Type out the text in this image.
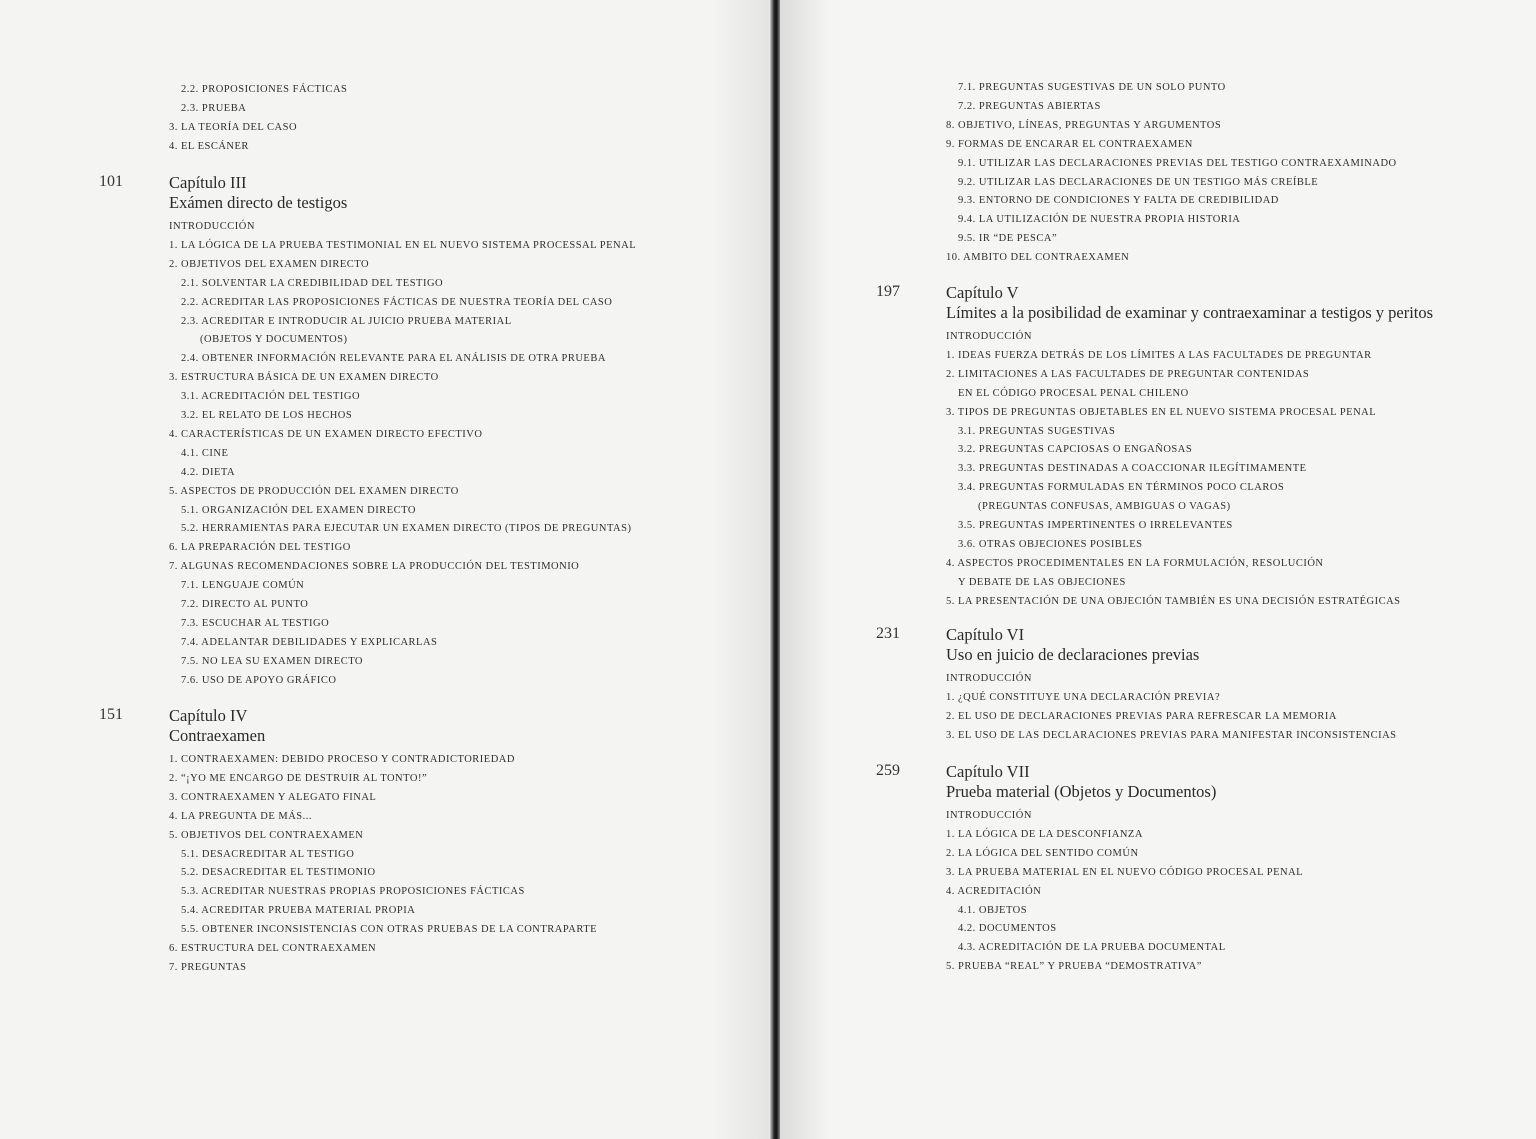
2.2. PROPOSICIONES FÁCTICAS
2.3. PRUEBA
3. LA TEORÍA DEL CASO
4. EL ESCÁNER
101	Capítulo III
Exámen directo de testigos
INTRODUCCIÓN
1. LA LÓGICA DE LA PRUEBA TESTIMONIAL EN EL NUEVO SISTEMA PROCESSAL PENAL
2. OBJETIVOS DEL EXAMEN DIRECTO
2.1. SOLVENTAR LA CREDIBILIDAD DEL TESTIGO
2.2. ACREDITAR LAS PROPOSICIONES FÁCTICAS DE NUESTRA TEORÍA DEL CASO
2.3. ACREDITAR E INTRODUCIR AL JUICIO PRUEBA MATERIAL
(OBJETOS Y DOCUMENTOS)
2.4. OBTENER INFORMACIÓN RELEVANTE PARA EL ANÁLISIS DE OTRA PRUEBA
3. ESTRUCTURA BÁSICA DE UN EXAMEN DIRECTO
3.1. ACREDITACIÓN DEL TESTIGO
3.2. EL RELATO DE LOS HECHOS
4. CARACTERÍSTICAS DE UN EXAMEN DIRECTO EFECTIVO
4.1. CINE
4.2. DIETA
5. ASPECTOS DE PRODUCCIÓN DEL EXAMEN DIRECTO
5.1. ORGANIZACIÓN DEL EXAMEN DIRECTO
5.2. HERRAMIENTAS PARA EJECUTAR UN EXAMEN DIRECTO (TIPOS DE PREGUNTAS)
6. LA PREPARACIÓN DEL TESTIGO
7. ALGUNAS RECOMENDACIONES SOBRE LA PRODUCCIÓN DEL TESTIMONIO
7.1. LENGUAJE COMÚN
7.2. DIRECTO AL PUNTO
7.3. ESCUCHAR AL TESTIGO
7.4. ADELANTAR DEBILIDADES Y EXPLICARLAS
7.5. NO LEA SU EXAMEN DIRECTO
7.6. USO DE APOYO GRÁFICO
151	Capítulo IV
Contraexamen
1. CONTRAEXAMEN: DEBIDO PROCESO Y CONTRADICTORIEDAD
2. “¡YO ME ENCARGO DE DESTRUIR AL TONTO!”
3. CONTRAEXAMEN Y ALEGATO FINAL
4. LA PREGUNTA DE MÁS...
5. OBJETIVOS DEL CONTRAEXAMEN
5.1. DESACREDITAR AL TESTIGO
5.2. DESACREDITAR EL TESTIMONIO
5.3. ACREDITAR NUESTRAS PROPIAS PROPOSICIONES FÁCTICAS
5.4. ACREDITAR PRUEBA MATERIAL PROPIA
5.5. OBTENER INCONSISTENCIAS CON OTRAS PRUEBAS DE LA CONTRAPARTE
6. ESTRUCTURA DEL CONTRAEXAMEN
7. PREGUNTAS
7.1. PREGUNTAS SUGESTIVAS DE UN SOLO PUNTO
7.2. PREGUNTAS ABIERTAS
8. OBJETIVO, LÍNEAS, PREGUNTAS Y ARGUMENTOS
9. FORMAS DE ENCARAR EL CONTRAEXAMEN
9.1. UTILIZAR LAS DECLARACIONES PREVIAS DEL TESTIGO CONTRAEXAMINADO
9.2. UTILIZAR LAS DECLARACIONES DE UN TESTIGO MÁS CREÍBLE
9.3. ENTORNO DE CONDICIONES Y FALTA DE CREDIBILIDAD
9.4. LA UTILIZACIÓN DE NUESTRA PROPIA HISTORIA
9.5. IR “DE PESCA”
10. AMBITO DEL CONTRAEXAMEN
197	Capítulo V
Límites a la posibilidad de examinar y contraexaminar a testigos y peritos
INTRODUCCIÓN
1. IDEAS FUERZA DETRÁS DE LOS LÍMITES A LAS FACULTADES DE PREGUNTAR
2. LIMITACIONES A LAS FACULTADES DE PREGUNTAR CONTENIDAS
EN EL CÓDIGO PROCESAL PENAL CHILENO
3. TIPOS DE PREGUNTAS OBJETABLES EN EL NUEVO SISTEMA PROCESAL PENAL
3.1. PREGUNTAS SUGESTIVAS
3.2. PREGUNTAS CAPCIOSAS O ENGAÑOSAS
3.3. PREGUNTAS DESTINADAS A COACCIONAR ILEGÍTIMAMENTE
3.4. PREGUNTAS FORMULADAS EN TÉRMINOS POCO CLAROS
(PREGUNTAS CONFUSAS, AMBIGUAS O VAGAS)
3.5. PREGUNTAS IMPERTINENTES O IRRELEVANTES
3.6. OTRAS OBJECIONES POSIBLES
4. ASPECTOS PROCEDIMENTALES EN LA FORMULACIÓN, RESOLUCIÓN
Y DEBATE DE LAS OBJECIONES
5. LA PRESENTACIÓN DE UNA OBJECIÓN TAMBIÉN ES UNA DECISIÓN ESTRATÉGICAS
231	Capítulo VI
Uso en juicio de declaraciones previas
INTRODUCCIÓN
1. ¿QUÉ CONSTITUYE UNA DECLARACIÓN PREVIA?
2. EL USO DE DECLARACIONES PREVIAS PARA REFRESCAR LA MEMORIA
3. EL USO DE LAS DECLARACIONES PREVIAS PARA MANIFESTAR INCONSISTENCIAS
259	Capítulo VII
Prueba material (Objetos y Documentos)
INTRODUCCIÓN
1. LA LÓGICA DE LA DESCONFIANZA
2. LA LÓGICA DEL SENTIDO COMÚN
3. LA PRUEBA MATERIAL EN EL NUEVO CÓDIGO PROCESAL PENAL
4. ACREDITACIÓN
4.1. OBJETOS
4.2. DOCUMENTOS
4.3. ACREDITACIÓN DE LA PRUEBA DOCUMENTAL
5. PRUEBA “REAL” Y PRUEBA “DEMOSTRATIVA”
